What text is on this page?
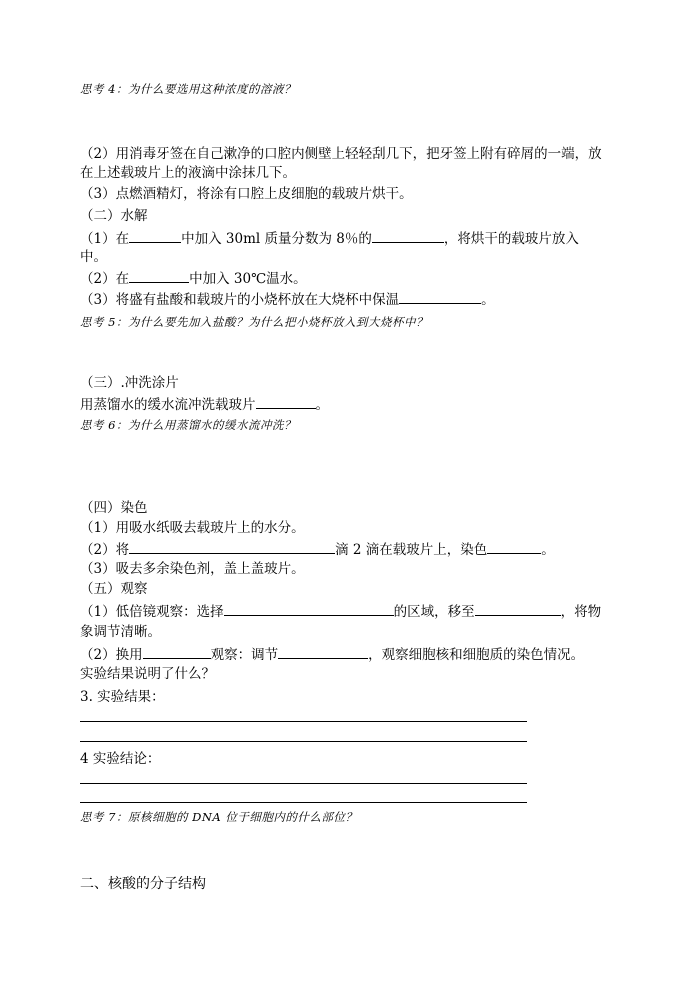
思考 4：为什么要选用这种浓度的溶液？
（2）用消毒牙签在自己漱净的口腔内侧壁上轻轻刮几下，把牙签上附有碎屑的一端，放
在上述载玻片上的液滴中涂抹几下。
（3）点燃酒精灯，将涂有口腔上皮细胞的载玻片烘干。
（二）水解
（1）在	中加入 30ml 质量分数为 8％的	，将烘干的载玻片放入
中。
（2）在	中加入 30℃温水。
（3）将盛有盐酸和载玻片的小烧杯放在大烧杯中保温	。
思考 5：为什么要先加入盐酸？为什么把小烧杯放入到大烧杯中？
（三）.冲洗涂片
用蒸馏水的缓水流冲洗载玻片	。
思考 6：为什么用蒸馏水的缓水流冲洗？
（四）染色
（1）用吸水纸吸去载玻片上的水分。
（2）将	滴 2 滴在载玻片上，染色	。
（3）吸去多余染色剂，盖上盖玻片。
（五）观察
（1）低倍镜观察：选择	的区域，移至	，将物
象调节清晰。
（2）换用	观察：调节	，观察细胞核和细胞质的染色情况。
实验结果说明了什么？
3. 实验结果：
4 实验结论：
思考 7：原核细胞的 DNA 位于细胞内的什么部位？
二、核酸的分子结构
